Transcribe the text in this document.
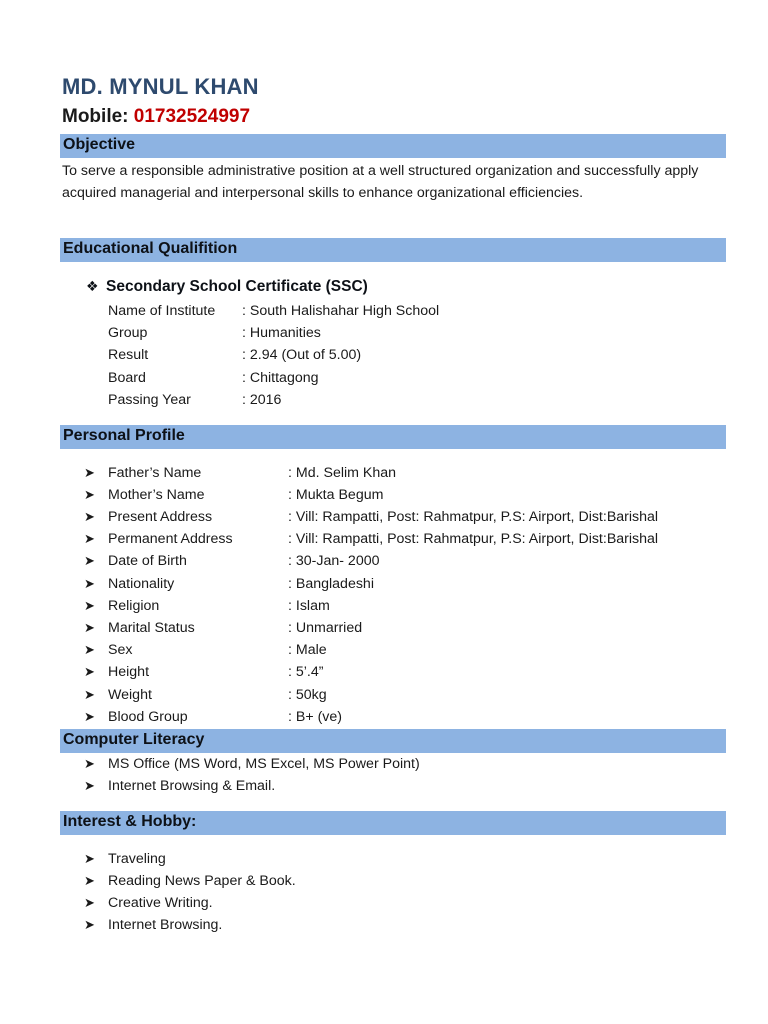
MD. MYNUL KHAN
Mobile: 01732524997
Objective
To serve a responsible administrative position at a well structured organization and successfully apply acquired managerial and interpersonal skills to enhance organizational efficiencies.
Educational Qualifition
❖ Secondary School Certificate (SSC)
Name of Institute : South Halishahar High School
Group	: Humanities
Result	: 2.94 (Out of 5.00)
Board	: Chittagong
Passing Year	: 2016
Personal Profile
➤ Father’s Name	: Md. Selim Khan
➤ Mother’s Name	: Mukta Begum
➤ Present Address	: Vill: Rampatti, Post: Rahmatpur, P.S: Airport, Dist:Barishal
➤ Permanent Address	: Vill: Rampatti, Post: Rahmatpur, P.S: Airport, Dist:Barishal
➤ Date of Birth	: 30-Jan- 2000
➤ Nationality	: Bangladeshi
➤ Religion	: Islam
➤ Marital Status	: Unmarried
➤ Sex	: Male
➤ Height	: 5’.4”
➤ Weight	: 50kg
➤ Blood Group	: B+ (ve)
Computer Literacy
➤ MS Office (MS Word, MS Excel, MS Power Point)
➤ Internet Browsing & Email.
Interest & Hobby:
➤ Traveling
➤ Reading News Paper & Book.
➤ Creative Writing.
➤ Internet Browsing.
